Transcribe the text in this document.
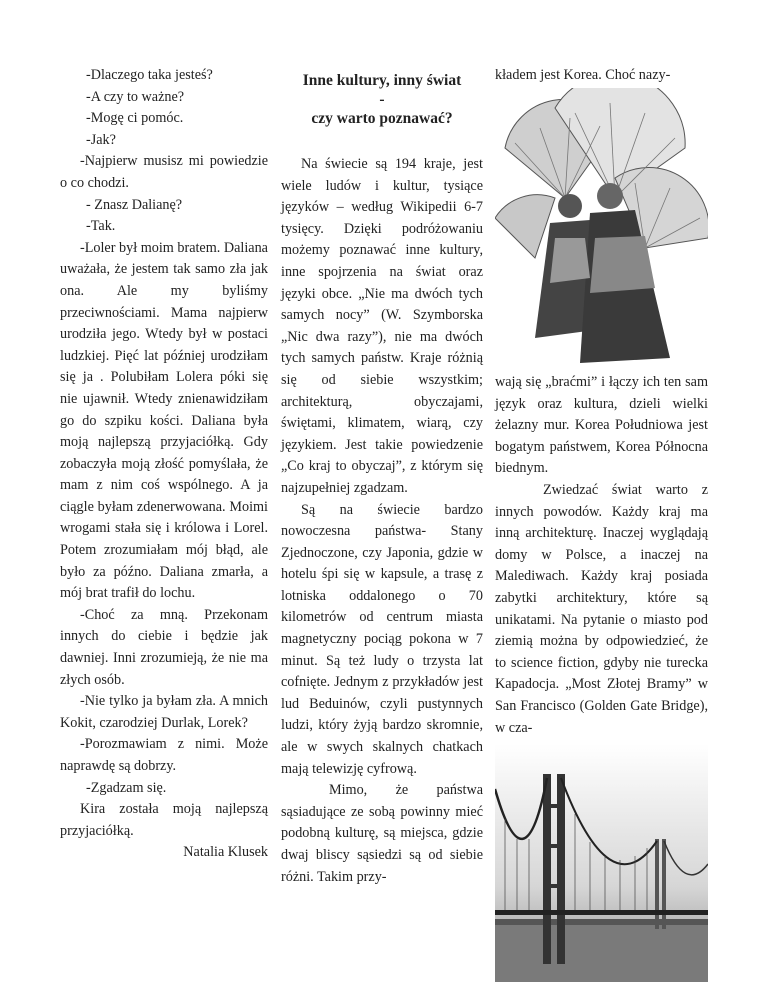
-Dlaczego taka jesteś?

-A czy to ważne?

-Mogę ci pomóc.

-Jak?

-Najpierw musisz mi powiedzie o co chodzi.

- Znasz Dalianę?

-Tak.

-Loler był moim bratem. Daliana uważała, że jestem tak samo zła jak ona. Ale my byliśmy przeciwnościami. Mama najpierw urodziła jego. Wtedy był w postaci ludzkiej. Pięć lat później urodziłam się ja . Polubiłam Lolera póki się nie ujawnił. Wtedy znienawidziłam go do szpiku kości. Daliana była moją najlepszą przyjaciółką. Gdy zobaczyła moją złość pomyślała, że mam z nim coś wspólnego. A ja ciągle byłam zdenerwowana. Moimi wrogami stała się i królowa i Lorel. Potem zrozumiałam mój błąd, ale było za późno. Daliana zmarła, a mój brat trafił do lochu.

-Choć za mną. Przekonam innych do ciebie i będzie jak dawniej. Inni zrozumieją, że nie ma złych osób.

-Nie tylko ja byłam zła. A mnich Kokit, czarodziej Durlak, Lorek?

-Porozmawiam z nimi. Może naprawdę są dobrzy.

-Zgadzam się.

Kira została moją najlepszą przyjaciółką.

Natalia Klusek

Inne kultury, inny świat
-
czy warto poznawać?

Na świecie są 194 kraje, jest wiele ludów i kultur, tysiące języków – według Wikipedii 6-7 tysięcy. Dzięki podróżowaniu możemy poznawać inne kultury, inne spojrzenia na świat oraz języki obce. „Nie ma dwóch tych samych nocy” (W. Szymborska „Nic dwa razy”), nie ma dwóch tych samych państw. Kraje różnią się od siebie wszystkim; architekturą, obyczajami, świętami, klimatem, wiarą, czy językiem. Jest takie powiedzenie „Co kraj to obyczaj”, z którym się najzupełniej zgadzam.

Są na świecie bardzo nowoczesna państwa- Stany Zjednoczone, czy Japonia, gdzie w hotelu śpi się w kapsule, a trasę z lotniska oddalonego o 70 kilometrów od centrum miasta magnetyczny pociąg pokona w 7 minut. Są też ludy o trzysta lat cofnięte. Jednym z przykładów jest lud Beduinów, czyli pustynnych ludzi, który żyją bardzo skromnie, ale w swych skalnych chatkach mają telewizję cyfrową.

Mimo, że państwa sąsiadujące ze sobą powinny mieć podobną kulturę, są miejsca, gdzie dwaj bliscy sąsiedzi są od siebie różni. Takim przy-

kładem jest Korea. Choć nazy-

wają się „braćmi” i łączy ich ten sam język oraz kultura, dzieli wielki żelazny mur. Korea Południowa jest bogatym państwem, Korea Północna biednym.

Zwiedzać świat warto z innych powodów. Każdy kraj ma inną architekturę. Inaczej wyglądają domy w Polsce, a inaczej na Malediwach. Każdy kraj posiada zabytki architektury, które są unikatami. Na pytanie o miasto pod ziemią można by odpowiedzieć, że to science fiction, gdyby nie turecka Kapadocja. „Most Złotej Bramy” w San Francisco (Golden Gate Bridge), w cza-
